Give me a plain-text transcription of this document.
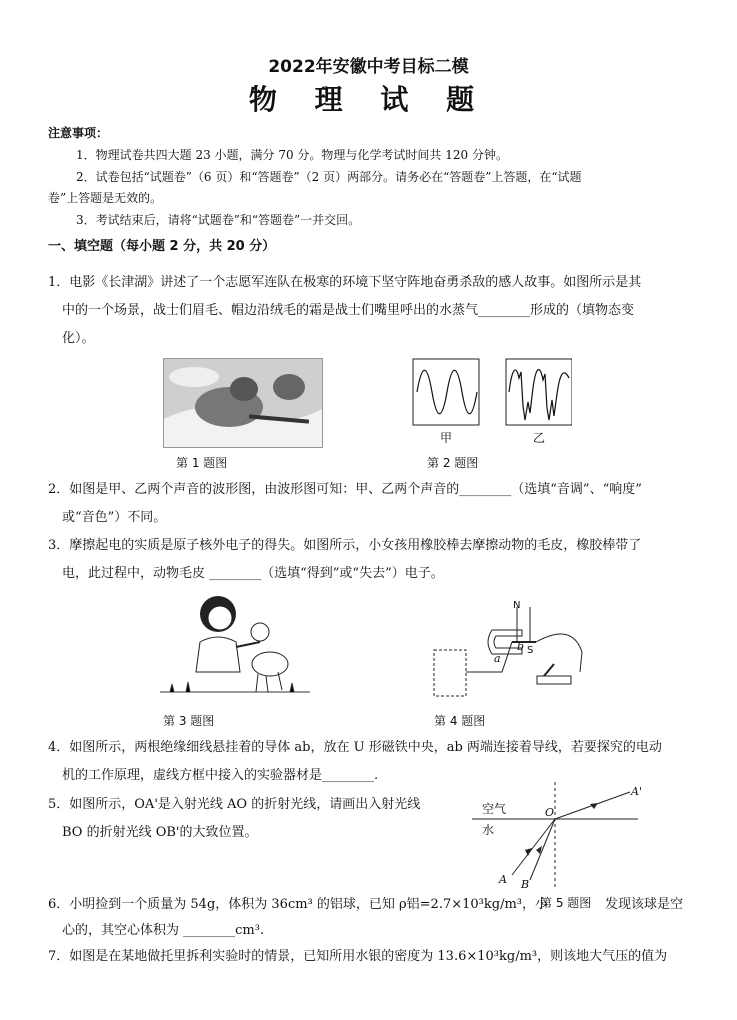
2022年安徽中考目标二模
物 理 试 题
注意事项：
1．物理试卷共四大题 23 小题，满分 70 分。物理与化学考试时间共 120 分钟。
2．试卷包括“试题卷”（6 页）和“答题卷”（2 页）两部分。请务必在“答题卷”上答题，在“试题
卷”上答题是无效的。
3．考试结束后，请将“试题卷”和“答题卷”一并交回。
一、填空题（每小题 2 分，共 20 分）
1．电影《长津湖》讲述了一个志愿军连队在极寒的环境下坚守阵地奋勇杀敌的感人故事。如图所示是其
中的一个场景，战士们眉毛、帽边沿绒毛的霜是战士们嘴里呼出的水蒸气________形成的（填物态变
化）。
第 1 题图
甲	乙
第 2 题图
2．如图是甲、乙两个声音的波形图，由波形图可知：甲、乙两个声音的________（选填“音调”、“响度”
或“音色”）不同。
3．摩擦起电的实质是原子核外电子的得失。如图所示，小女孩用橡胶棒去摩擦动物的毛皮，橡胶棒带了
电，此过程中，动物毛皮 ________（选填“得到”或“失去”）电子。
第 3 题图
N
S
a
b
第 4 题图
4．如图所示，两根绝缘细线悬挂着的导体 ab，放在 U 形磁铁中央，ab 两端连接着导线，若要探究的电动
机的工作原理，虚线方框中接入的实验器材是________.
5．如图所示，OA'是入射光线 AO 的折射光线，请画出入射光线
BO 的折射光线 OB'的大致位置。
空气
水
O
A'
A B
第 5 题图
6．小明捡到一个质量为 54g，体积为 36cm³ 的铝球，已知 ρ铝=2.7×10³kg/m³，小	发现该球是空
心的，其空心体积为 ________cm³.
7．如图是在某地做托里拆利实验时的情景，已知所用水银的密度为 13.6×10³kg/m³，则该地大气压的值为
